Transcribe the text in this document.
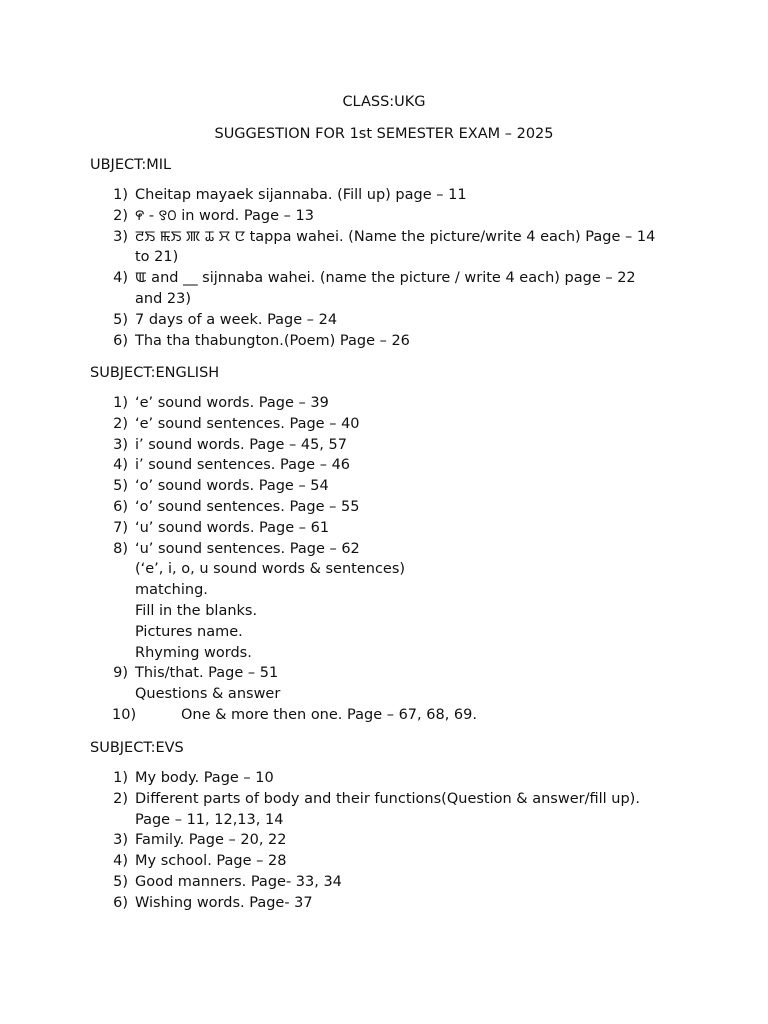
CLASS:UKG
SUGGESTION FOR 1st SEMESTER EXAM – 2025
UBJECT:MIL
1) Cheitap mayaek sijannaba. (Fill up) page – 11
2) ꯵ - ꯱꯰ in word. Page – 13
3) ꯂꯏ ꯃꯏ ꯄ ꯊ ꯆ ꯅ tappa wahei. (Name the picture/write 4 each) Page – 14
to 21)
4) ꯑ and __ sijnnaba wahei. (name the picture / write 4 each) page – 22
and 23)
5) 7 days of a week. Page – 24
6) Tha tha thabungton.(Poem) Page – 26
SUBJECT:ENGLISH
1) ‘e’ sound words. Page – 39
2) ‘e’ sound sentences. Page – 40
3) i’ sound words. Page – 45, 57
4) i’ sound sentences. Page – 46
5) ‘o’ sound words. Page – 54
6) ‘o’ sound sentences. Page – 55
7) ‘u’ sound words. Page – 61
8) ‘u’ sound sentences. Page – 62
(‘e’, i, o, u sound words & sentences)
matching.
Fill in the blanks.
Pictures name.
Rhyming words.
9) This/that. Page – 51
Questions & answer
10)	One & more then one. Page – 67, 68, 69.
SUBJECT:EVS
1) My body. Page – 10
2) Different parts of body and their functions(Question & answer/fill up).
Page – 11, 12,13, 14
3) Family. Page – 20, 22
4) My school. Page – 28
5) Good manners. Page- 33, 34
6) Wishing words. Page- 37
